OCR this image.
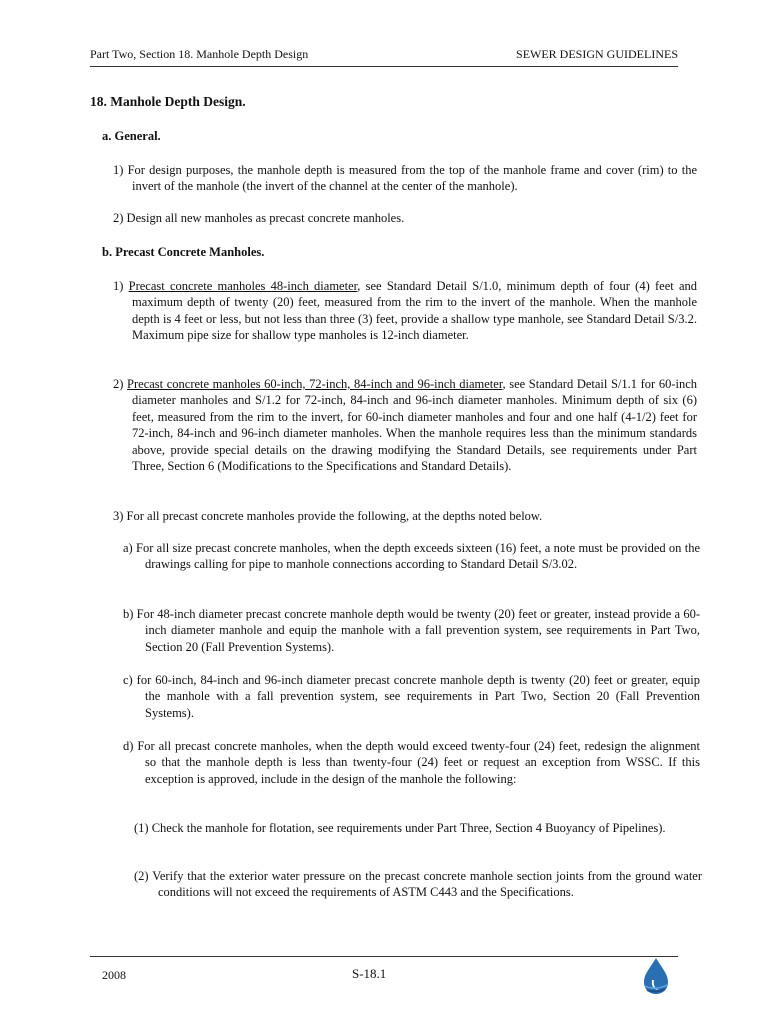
Part Two, Section 18. Manhole Depth Design	SEWER DESIGN GUIDELINES

18. Manhole Depth Design.

a. General.

1) For design purposes, the manhole depth is measured from the top of the manhole frame and cover (rim) to the invert of the manhole (the invert of the channel at the center of the manhole).
2) Design all new manholes as precast concrete manholes.

b. Precast Concrete Manholes.

1) Precast concrete manholes 48-inch diameter, see Standard Detail S/1.0, minimum depth of four (4) feet and maximum depth of twenty (20) feet, measured from the rim to the invert of the manhole. When the manhole depth is 4 feet or less, but not less than three (3) feet, provide a shallow type manhole, see Standard Detail S/3.2. Maximum pipe size for shallow type manholes is 12-inch diameter.
2) Precast concrete manholes 60-inch, 72-inch, 84-inch and 96-inch diameter, see Standard Detail S/1.1 for 60-inch diameter manholes and S/1.2 for 72-inch, 84-inch and 96-inch diameter manholes. Minimum depth of six (6) feet, measured from the rim to the invert, for 60-inch diameter manholes and four and one half (4-1/2) feet for 72-inch, 84-inch and 96-inch diameter manholes. When the manhole requires less than the minimum standards above, provide special details on the drawing modifying the Standard Details, see requirements under Part Three, Section 6 (Modifications to the Specifications and Standard Details).
3) For all precast concrete manholes provide the following, at the depths noted below.
a) For all size precast concrete manholes, when the depth exceeds sixteen (16) feet, a note must be provided on the drawings calling for pipe to manhole connections according to Standard Detail S/3.02.
b) For 48-inch diameter precast concrete manhole depth would be twenty (20) feet or greater, instead provide a 60-inch diameter manhole and equip the manhole with a fall prevention system, see requirements in Part Two, Section 20 (Fall Prevention Systems).
c) for 60-inch, 84-inch and 96-inch diameter precast concrete manhole depth is twenty (20) feet or greater, equip the manhole with a fall prevention system, see requirements in Part Two, Section 20 (Fall Prevention Systems).
d) For all precast concrete manholes, when the depth would exceed twenty-four (24) feet, redesign the alignment so that the manhole depth is less than twenty-four (24) feet or request an exception from WSSC. If this exception is approved, include in the design of the manhole the following:
(1) Check the manhole for flotation, see requirements under Part Three, Section 4 Buoyancy of Pipelines).
(2) Verify that the exterior water pressure on the precast concrete manhole section joints from the ground water conditions will not exceed the requirements of ASTM C443 and the Specifications.
2008	S-18.1
